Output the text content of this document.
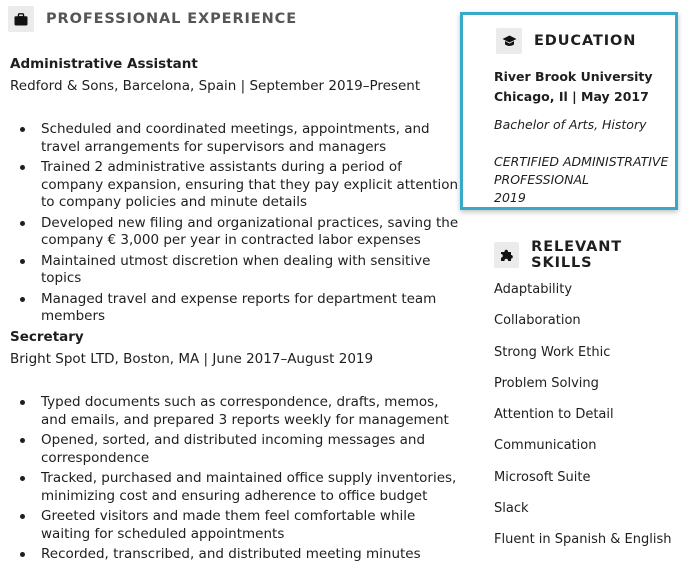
PROFESSIONAL EXPERIENCE
Administrative Assistant
Redford & Sons, Barcelona, Spain | September 2019–Present
Scheduled and coordinated meetings, appointments, and travel arrangements for supervisors and managers
Trained 2 administrative assistants during a period of company expansion, ensuring that they pay explicit attention to company policies and minute details
Developed new filing and organizational practices, saving the company € 3,000 per year in contracted labor expenses
Maintained utmost discretion when dealing with sensitive topics
Managed travel and expense reports for department team members
Secretary
Bright Spot LTD, Boston, MA | June 2017–August 2019
Typed documents such as correspondence, drafts, memos, and emails, and prepared 3 reports weekly for management
Opened, sorted, and distributed incoming messages and correspondence
Tracked, purchased and maintained office supply inventories, minimizing cost and ensuring adherence to office budget
Greeted visitors and made them feel comfortable while waiting for scheduled appointments
Recorded, transcribed, and distributed meeting minutes
EDUCATION
River Brook University
Chicago, Il | May 2017
Bachelor of Arts, History
CERTIFIED ADMINISTRATIVE
PROFESSIONAL
2019
RELEVANT SKILLS
Adaptability
Collaboration
Strong Work Ethic
Problem Solving
Attention to Detail
Communication
Microsoft Suite
Slack
Fluent in Spanish & English
